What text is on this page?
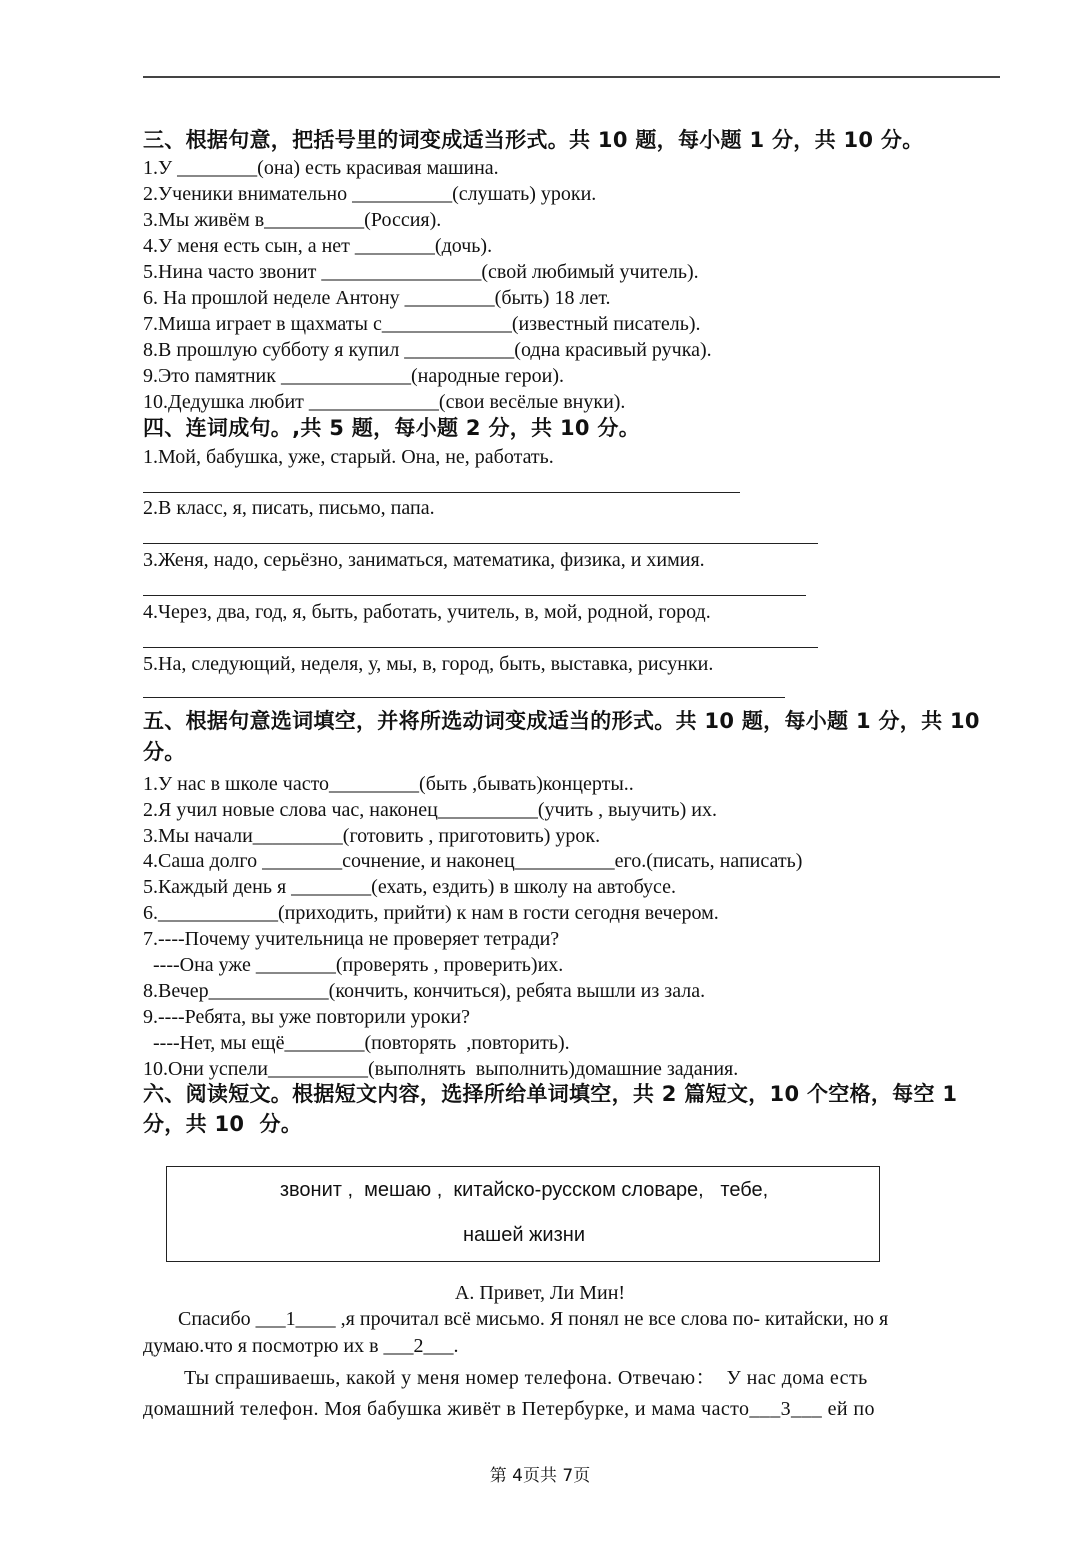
三、根据句意，把括号里的词变成适当形式。共 10 题，每小题 1 分，共 10 分。
1.У ________(она) есть красивая машина.
2.Ученики внимательно __________(слушать) уроки.
3.Мы живём в__________(Россия).
4.У меня есть сын, а нет ________(дочь).
5.Нина часто звонит ________________(свой любимый учитель).
6. На прошлой неделе Антону _________(быть) 18 лет.
7.Миша играет в щахматы с_____________(известный писатель).
8.В прошлую субботу я купил ___________(одна красивый ручка).
9.Это памятник _____________(народные герои).
10.Дедушка любит _____________(свои весёлые внуки).
四、连词成句。,共 5 题，每小题 2 分，共 10 分。
1.Мой, бабушка, уже, старый. Она, не, работать.
2.В класс, я, писать, письмо, папа.
3.Женя, надо, серьёзно, заниматься, математика, физика, и химия.
4.Через, два, год, я, быть, работать, учитель, в, мой, родной, город.
5.На, следующий, неделя, у, мы, в, город, быть, выставка, рисунки.
五、根据句意选词填空，并将所选动词变成适当的形式。共 10 题，每小题 1 分，共 10
分。
1.У нас в школе часто_________(быть ,бывать)концерты..
2.Я учил новые слова час, наконец__________(учить , выучить) их.
3.Мы начали_________(готовить , приготовить) урок.
4.Саша долго ________сочнение, и наконец__________его.(писать, написать)
5.Каждый день я ________(ехать, ездить) в школу на автобусе.
6.____________(приходить, прийти) к нам в гости сегодня вечером.
7.----Почему учительница не проверяет тетради?
----Она уже ________(проверять , проверить)их.
8.Вечер____________(кончить, кончиться), ребята вышли из зала.
9.----Ребята, вы уже повторили уроки?
----Нет, мы ещё________(повторять  ,повторить).
10.Они успели__________(выполнять  выполнить)домашние задания.
六、阅读短文。根据短文内容，选择所给单词填空，共 2 篇短文，10 个空格，每空 1
分，共 10  分。
звонит ,  мешаю ,  китайско-русском словаре,   тебе,
нашей жизни
А. Привет, Ли Мин!
Спасибо ___1____ ,я прочитал всё мисьмо. Я понял не все слова по- китайски, но я
думаю.что я посмотрю их в ___2___.
Ты спрашиваешь, какой у меня номер телефона. Отвечаю：  У нас дома есть
домашний телефон. Моя бабушка живёт в Петербурке, и мама часто___3___ ей по
第 4页共 7页
